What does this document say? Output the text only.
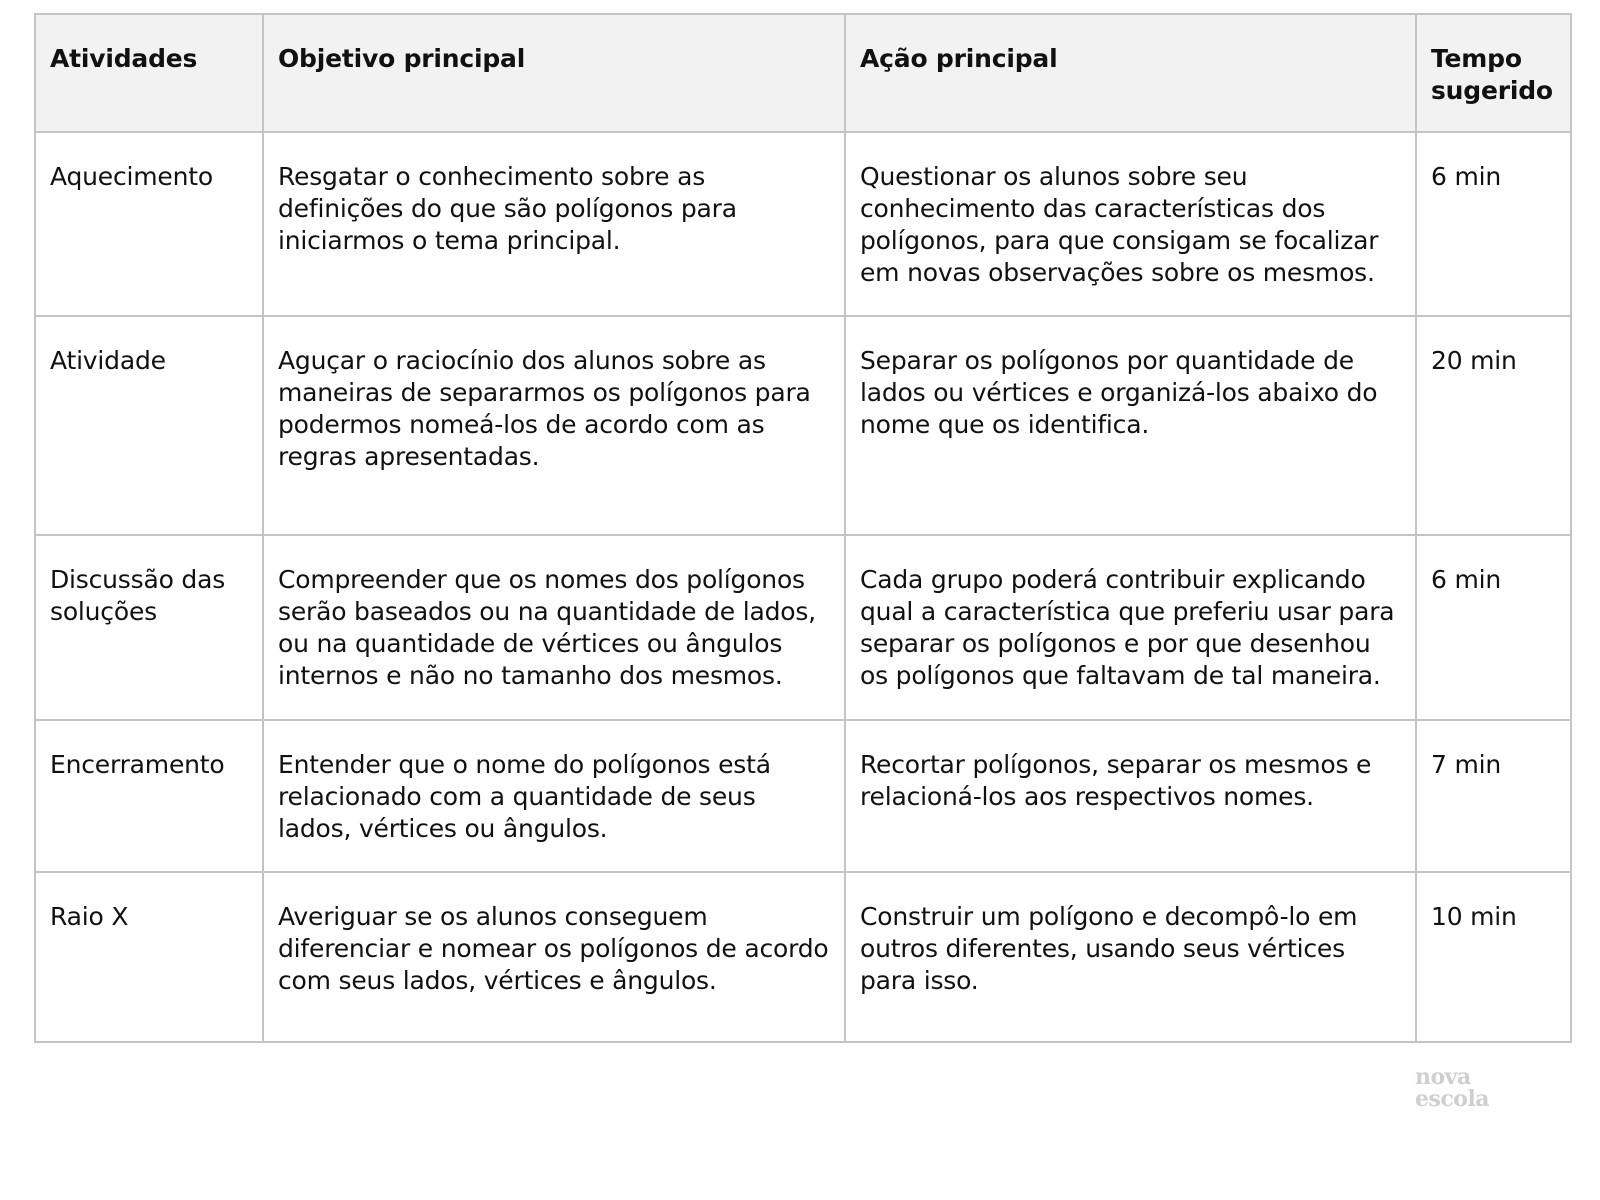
Atividades	Objetivo principal	Ação principal	Tempo sugerido
Aquecimento	Resgatar o conhecimento sobre as definições do que são polígonos para iniciarmos o tema principal.	Questionar os alunos sobre seu conhecimento das características dos polígonos, para que consigam se focalizar em novas observações sobre os mesmos.	6 min
Atividade	Aguçar o raciocínio dos alunos sobre as maneiras de separarmos os polígonos para podermos nomeá-los de acordo com as regras apresentadas.	Separar os polígonos por quantidade de lados ou vértices e organizá-los abaixo do nome que os identifica.	20 min
Discussão das soluções	Compreender que os nomes dos polígonos serão baseados ou na quantidade de lados, ou na quantidade de vértices ou ângulos internos e não no tamanho dos mesmos.	Cada grupo poderá contribuir explicando qual a característica que preferiu usar para separar os polígonos e por que desenhou os polígonos que faltavam de tal maneira.	6 min
Encerramento	Entender que o nome do polígonos está relacionado com a quantidade de seus lados, vértices ou ângulos.	Recortar polígonos, separar os mesmos e relacioná-los aos respectivos nomes.	7 min
Raio X	Averiguar se os alunos conseguem diferenciar e nomear os polígonos de acordo com seus lados, vértices e ângulos.	Construir um polígono e decompô-lo em outros diferentes, usando seus vértices para isso.	10 min
nova
escola
